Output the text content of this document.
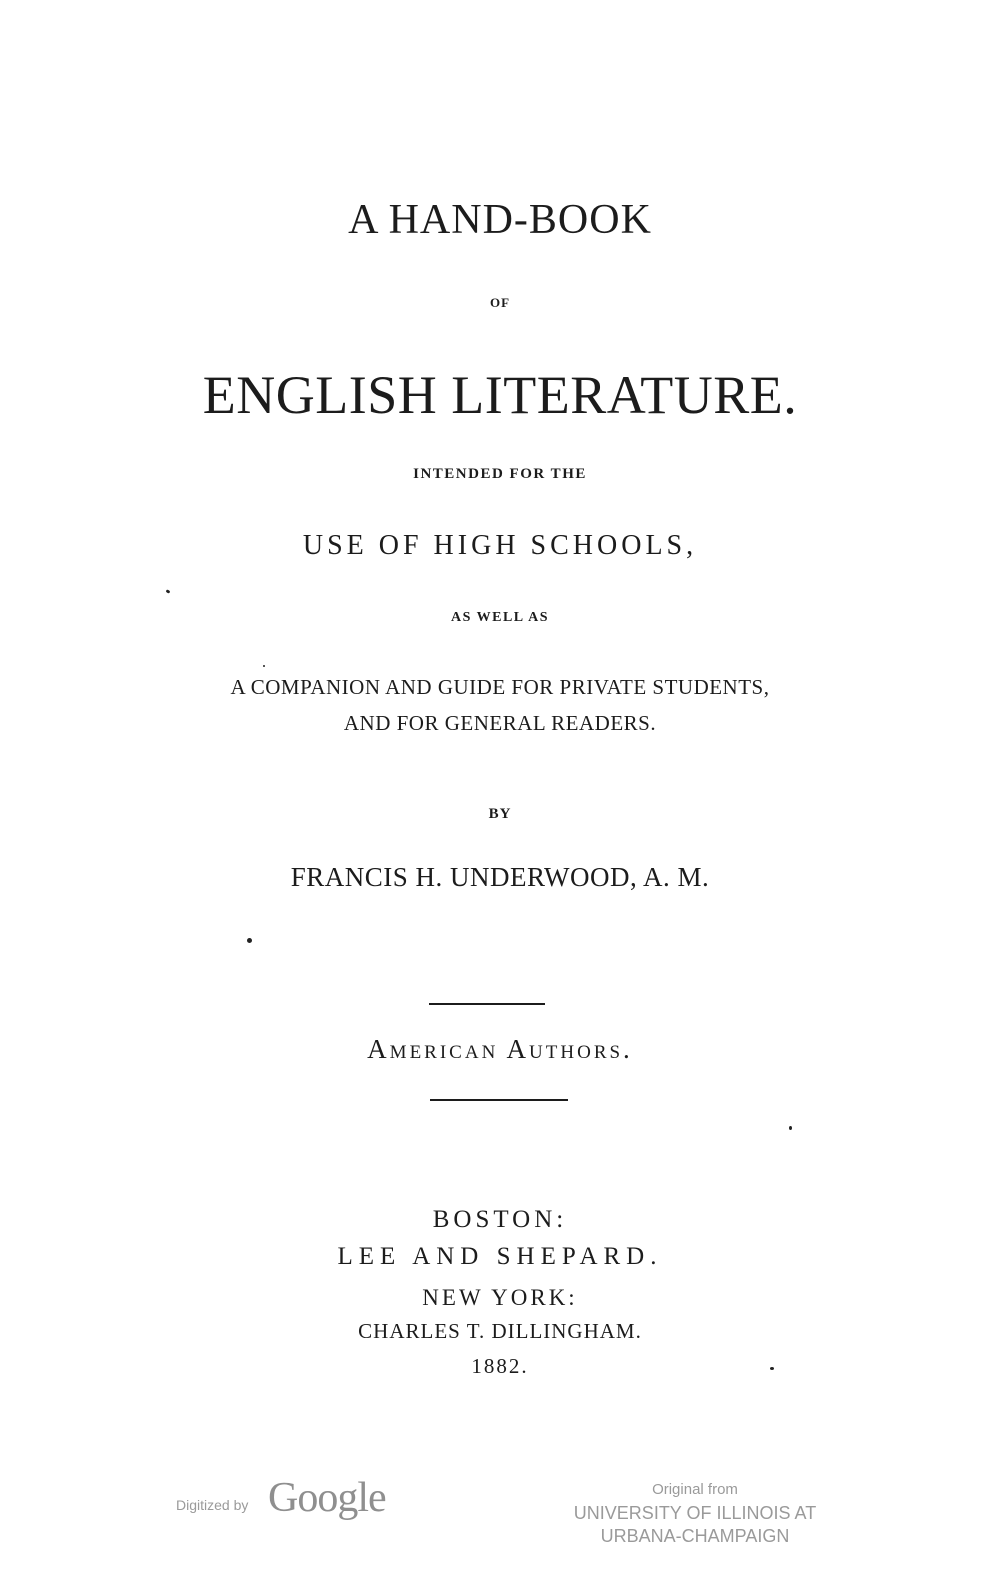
A HAND-BOOK
OF
ENGLISH LITERATURE.
INTENDED FOR THE
USE OF HIGH SCHOOLS,
AS WELL AS
A COMPANION AND GUIDE FOR PRIVATE STUDENTS,
AND FOR GENERAL READERS.
BY
FRANCIS H. UNDERWOOD, A. M.
American Authors.
BOSTON:
LEE AND SHEPARD.
NEW YORK:
CHARLES T. DILLINGHAM.
1882.
Digitized by Google	Original from
UNIVERSITY OF ILLINOIS AT
URBANA-CHAMPAIGN
